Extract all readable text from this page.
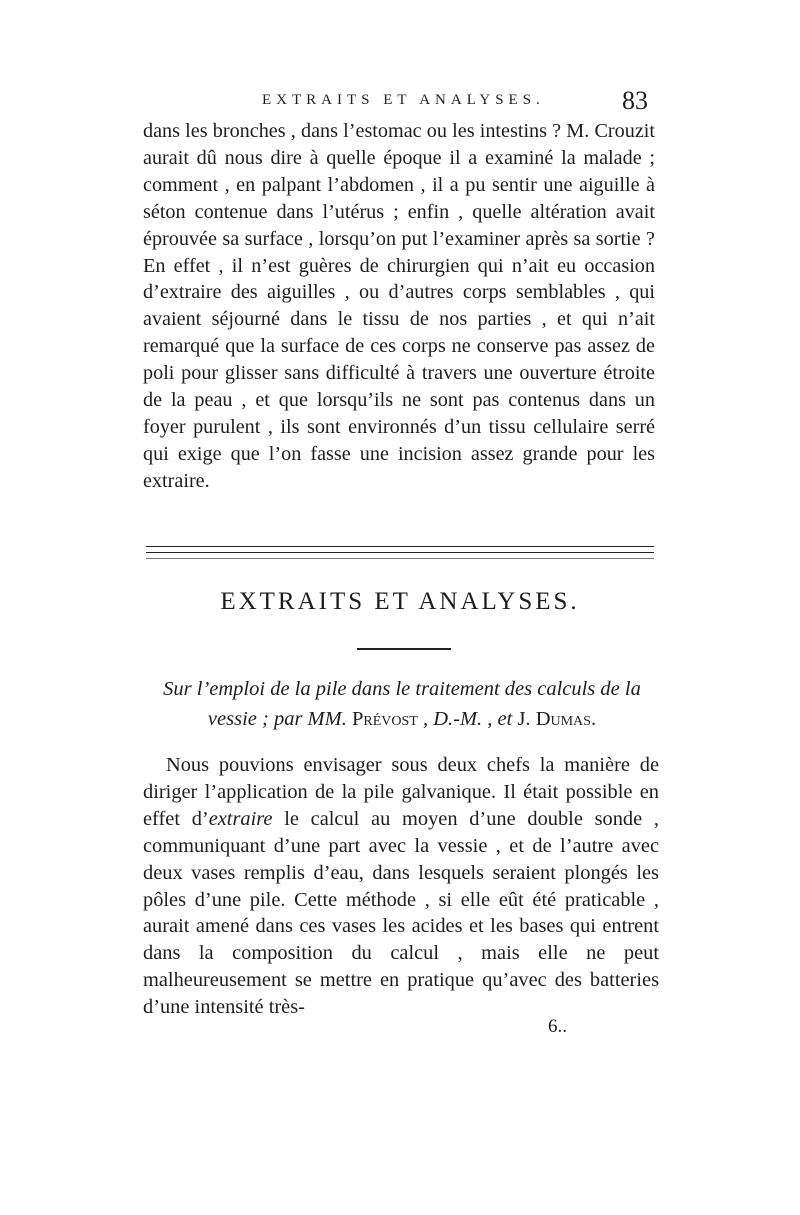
EXTRAITS ET ANALYSES.	83

dans les bronches , dans l’estomac ou les intestins ? M. Crouzit aurait dû nous dire à quelle époque il a examiné la malade ; comment , en palpant l’abdomen , il a pu sentir une aiguille à séton contenue dans l’utérus ; enfin , quelle altération avait éprouvée sa surface , lorsqu’on put l’examiner après sa sortie ? En effet , il n’est guères de chirurgien qui n’ait eu occasion d’extraire des aiguilles , ou d’autres corps semblables , qui avaient séjourné dans le tissu de nos parties , et qui n’ait remarqué que la surface de ces corps ne conserve pas assez de poli pour glisser sans difficulté à travers une ouverture étroite de la peau , et que lorsqu’ils ne sont pas contenus dans un foyer purulent , ils sont environnés d’un tissu cellulaire serré qui exige que l’on fasse une incision assez grande pour les extraire.

EXTRAITS ET ANALYSES.

Sur l’emploi de la pile dans le traitement des calculs de la vessie ; par MM. Prévost , D.-M. , et J. Dumas.

Nous pouvions envisager sous deux chefs la manière de diriger l’application de la pile galvanique. Il était possible en effet d’extraire le calcul au moyen d’une double sonde , communiquant d’une part avec la vessie , et de l’autre avec deux vases remplis d’eau, dans lesquels seraient plongés les pôles d’une pile. Cette méthode , si elle eût été praticable , aurait amené dans ces vases les acides et les bases qui entrent dans la composition du calcul , mais elle ne peut malheureusement se mettre en pratique qu’avec des batteries d’une intensité très-

6..
